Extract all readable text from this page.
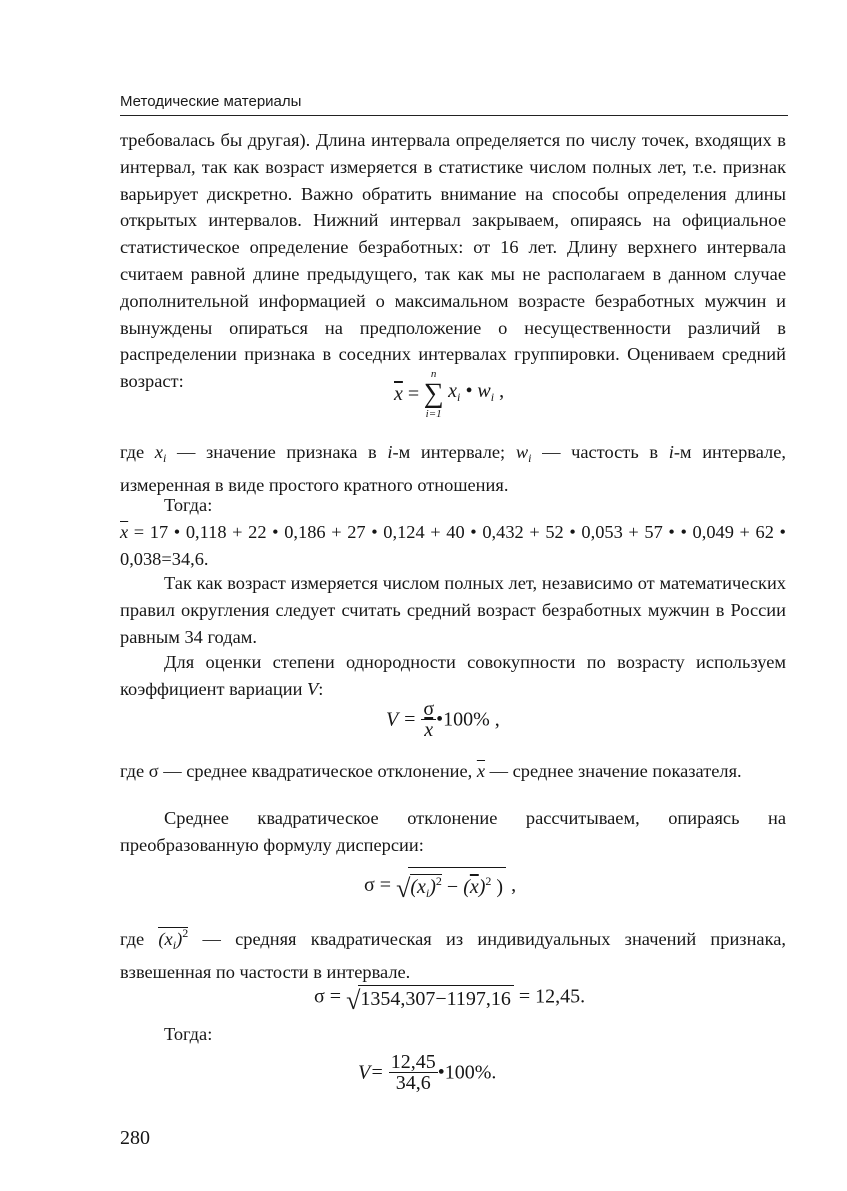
Методические материалы
требовалась бы другая). Длина интервала определяется по числу точек, входящих в интервал, так как возраст измеряется в статистике числом полных лет, т.е. признак варьирует дискретно. Важно обратить внимание на способы определения длины открытых интервалов. Нижний интервал закрываем, опираясь на официальное статистическое определение безработных: от 16 лет. Длину верхнего интервала считаем равной длине предыдущего, так как мы не располагаем в данном случае дополнительной информацией о максимальном возрасте безработных мужчин и вынуждены опираться на предположение о несущественности различий в распределении признака в соседних интервалах группировки. Оцениваем средний возраст:
$\overline{x}$ =
n
∑
i=1
$x_i$ • $w_i$ ,
где $x_i$ — значение признака в i-м интервале; $w_i$ — частость в i-м интервале, измеренная в виде простого кратного отношения.
Тогда:
$\overline{x} = 17$ • 0,118 + 22 • 0,186 + 27 • 0,124 + 40 • 0,432 + 52 • 0,053 + 57 • • 0,049 + 62 • 0,038=34,6.
Так как возраст измеряется числом полных лет, независимо от математических правил округления следует считать средний возраст безработных мужчин в России равным 34 годам.
Для оценки степени однородности совокупности по возрасту используем коэффициент вариации V:
$V = \frac{\sigma}{x}$ •100% ,
где σ — среднее квадратическое отклонение, $\overline{x}$ — среднее значение показателя.
Среднее квадратическое отклонение рассчитываем, опираясь на преобразованную формулу дисперсии:
$\sigma = √(x_i)^2 - (\overline{x})^2$ ) ,
где $(x_i)^2$ — средняя квадратическая из индивидуальных значений признака, взвешенная по частости в интервале.
σ = √1354,307−1197,16 = 12,45.
Тогда:
$V= \frac{12,45}{34,6}$ •100%.
280
